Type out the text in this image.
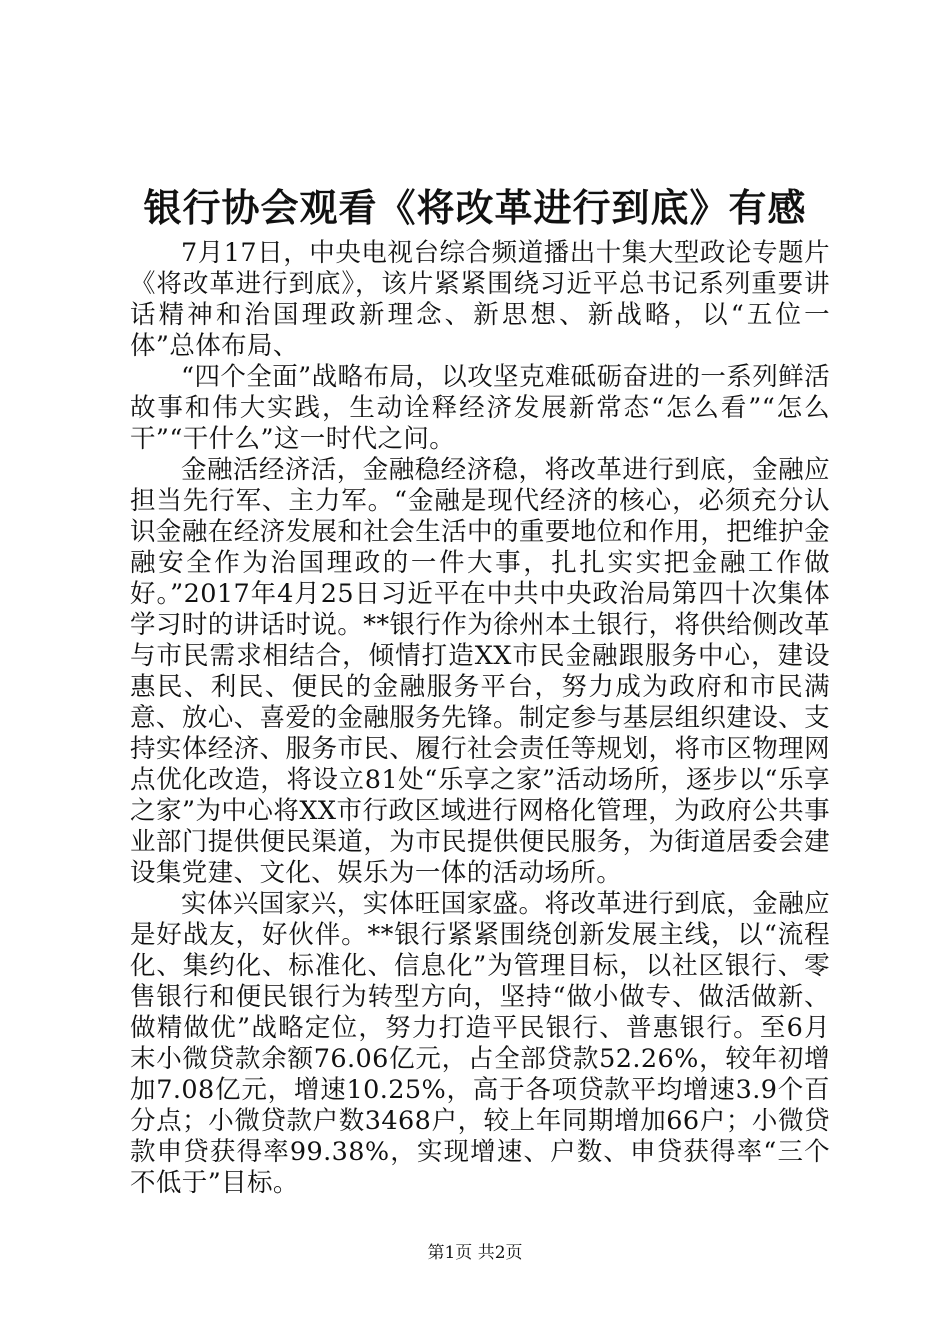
银行协会观看《将改革进行到底》有感

7月17日，中央电视台综合频道播出十集大型政论专题片《将改革进行到底》，该片紧紧围绕习近平总书记系列重要讲话精神和治国理政新理念、新思想、新战略，以“五位一体”总体布局、

“四个全面”战略布局，以攻坚克难砥砺奋进的一系列鲜活故事和伟大实践，生动诠释经济发展新常态“怎么看”“怎么干”“干什么”这一时代之问。

金融活经济活，金融稳经济稳，将改革进行到底，金融应担当先行军、主力军。“金融是现代经济的核心，必须充分认识金融在经济发展和社会生活中的重要地位和作用，把维护金融安全作为治国理政的一件大事，扎扎实实把金融工作做好。”2017年4月25日习近平在中共中央政治局第四十次集体学习时的讲话时说。**银行作为徐州本土银行，将供给侧改革与市民需求相结合，倾情打造XX市民金融跟服务中心，建设惠民、利民、便民的金融服务平台，努力成为政府和市民满意、放心、喜爱的金融服务先锋。制定参与基层组织建设、支持实体经济、服务市民、履行社会责任等规划，将市区物理网点优化改造，将设立81处“乐享之家”活动场所，逐步以“乐享之家”为中心将XX市行政区域进行网格化管理，为政府公共事业部门提供便民渠道，为市民提供便民服务，为街道居委会建设集党建、文化、娱乐为一体的活动场所。

实体兴国家兴，实体旺国家盛。将改革进行到底，金融应是好战友，好伙伴。**银行紧紧围绕创新发展主线，以“流程化、集约化、标准化、信息化”为管理目标，以社区银行、零售银行和便民银行为转型方向，坚持“做小做专、做活做新、做精做优”战略定位，努力打造平民银行、普惠银行。至6月末小微贷款余额76.06亿元，占全部贷款52.26%，较年初增加7.08亿元，增速10.25%，高于各项贷款平均增速3.9个百分点；小微贷款户数3468户，较上年同期增加66户；小微贷款申贷获得率99.38%，实现增速、户数、申贷获得率“三个不低于”目标。

第1页 共2页
